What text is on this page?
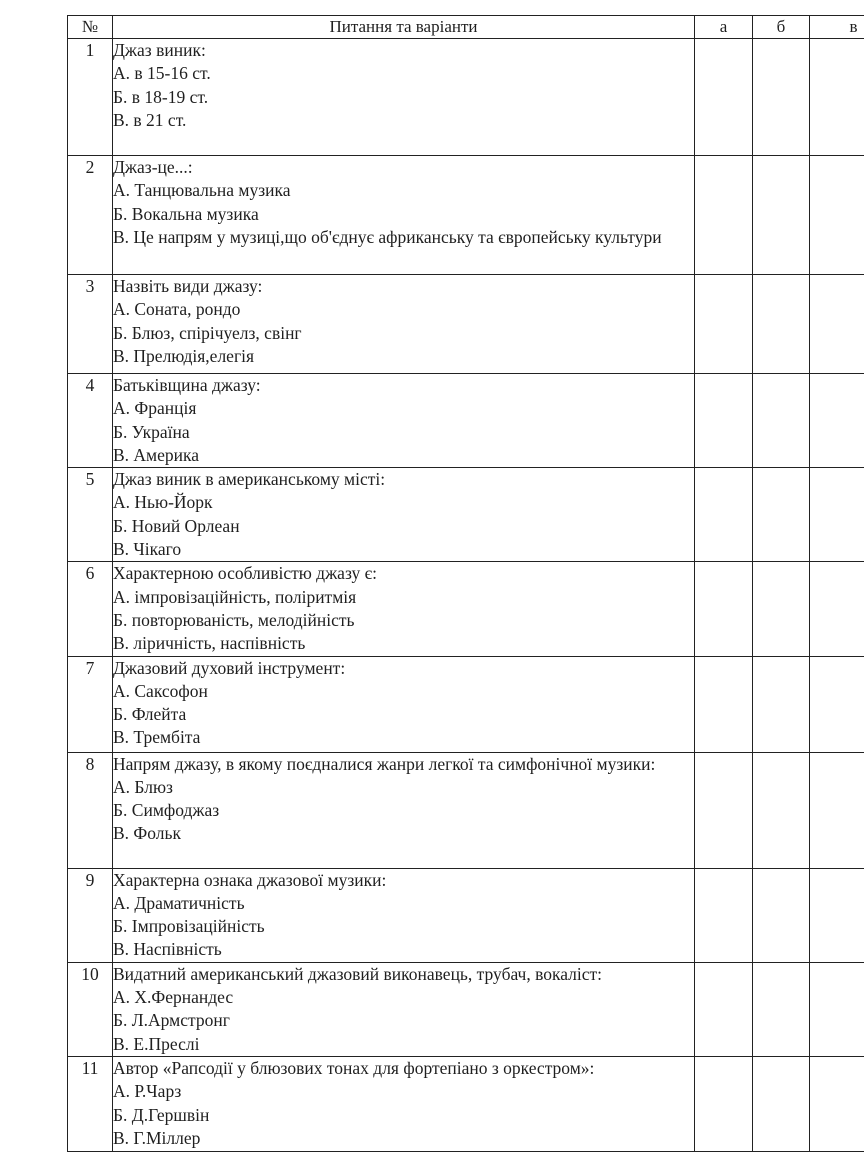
№	Питання та варіанти	а	б	в
1	Джаз виник:
А. в 15-16 ст.
Б. в 18-19 ст.
В. в 21 ст.			

2	Джаз-це...:
А. Танцювальна музика
Б. Вокальна музика
В. Це напрям у музиці,що об'єднує африканську та європейську культури			

3	Назвіть види джазу:
А. Соната, рондо
Б. Блюз, спірічуелз, свінг
В. Прелюдія,елегія			

4	Батьківщина джазу:
А. Франція
Б. Україна
В. Америка			

5	Джаз виник в американському місті:
А. Нью-Йорк
Б. Новий Орлеан
В. Чікаго			

6	Характерною особливістю джазу є:
А. імпровізаційність, поліритмія
Б. повторюваність, мелодійність
В. ліричність, наспівність			

7	Джазовий духовий інструмент:
А. Саксофон
Б. Флейта
В. Трембіта			

8	Напрям джазу, в якому поєдналися жанри легкої та симфонічної музики:
А. Блюз
Б. Симфоджаз
В. Фольк			

9	Характерна ознака джазової музики:
А. Драматичність
Б. Імпровізаційність
В. Наспівність			

10	Видатний американський джазовий виконавець, трубач, вокаліст:
А. Х.Фернандес
Б. Л.Армстронг
В. Е.Преслі			

11	Автор «Рапсодії у блюзових тонах для фортепіано з оркестром»:
А. Р.Чарз
Б. Д.Гершвін
В. Г.Міллер			
